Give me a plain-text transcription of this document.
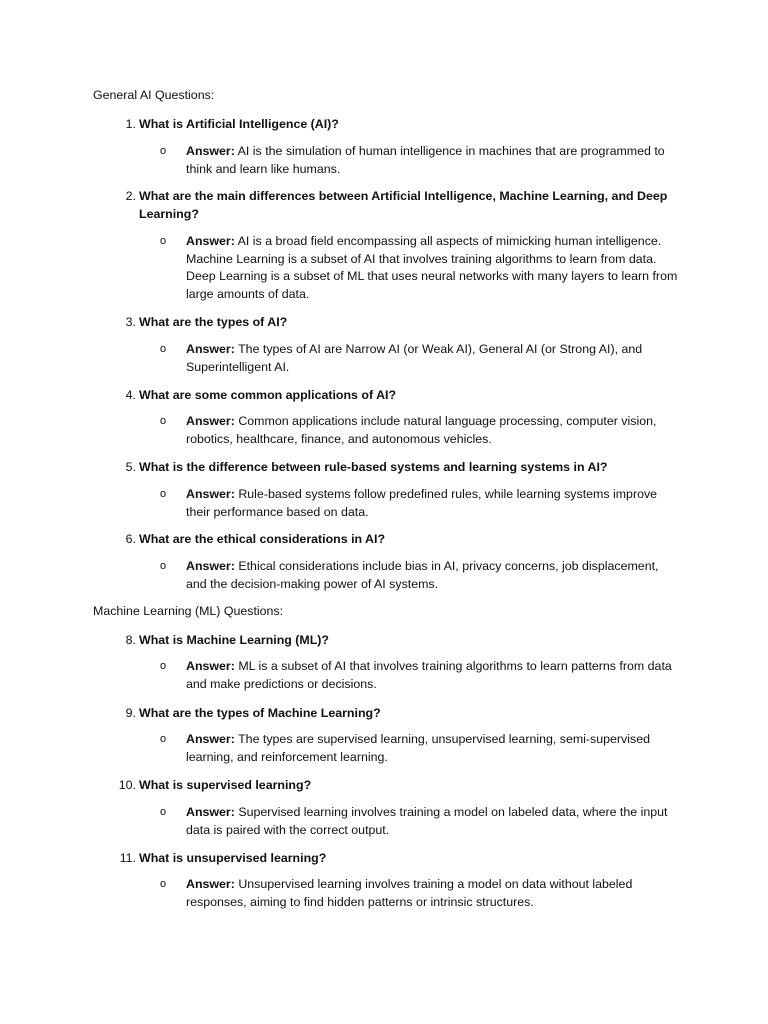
General AI Questions:
1. What is Artificial Intelligence (AI)?
o Answer: AI is the simulation of human intelligence in machines that are programmed to think and learn like humans.
2. What are the main differences between Artificial Intelligence, Machine Learning, and Deep Learning?
o Answer: AI is a broad field encompassing all aspects of mimicking human intelligence. Machine Learning is a subset of AI that involves training algorithms to learn from data. Deep Learning is a subset of ML that uses neural networks with many layers to learn from large amounts of data.
3. What are the types of AI?
o Answer: The types of AI are Narrow AI (or Weak AI), General AI (or Strong AI), and Superintelligent AI.
4. What are some common applications of AI?
o Answer: Common applications include natural language processing, computer vision, robotics, healthcare, finance, and autonomous vehicles.
5. What is the difference between rule-based systems and learning systems in AI?
o Answer: Rule-based systems follow predefined rules, while learning systems improve their performance based on data.
6. What are the ethical considerations in AI?
o Answer: Ethical considerations include bias in AI, privacy concerns, job displacement, and the decision-making power of AI systems.
Machine Learning (ML) Questions:
8. What is Machine Learning (ML)?
o Answer: ML is a subset of AI that involves training algorithms to learn patterns from data and make predictions or decisions.
9. What are the types of Machine Learning?
o Answer: The types are supervised learning, unsupervised learning, semi-supervised learning, and reinforcement learning.
10. What is supervised learning?
o Answer: Supervised learning involves training a model on labeled data, where the input data is paired with the correct output.
11. What is unsupervised learning?
o Answer: Unsupervised learning involves training a model on data without labeled responses, aiming to find hidden patterns or intrinsic structures.
